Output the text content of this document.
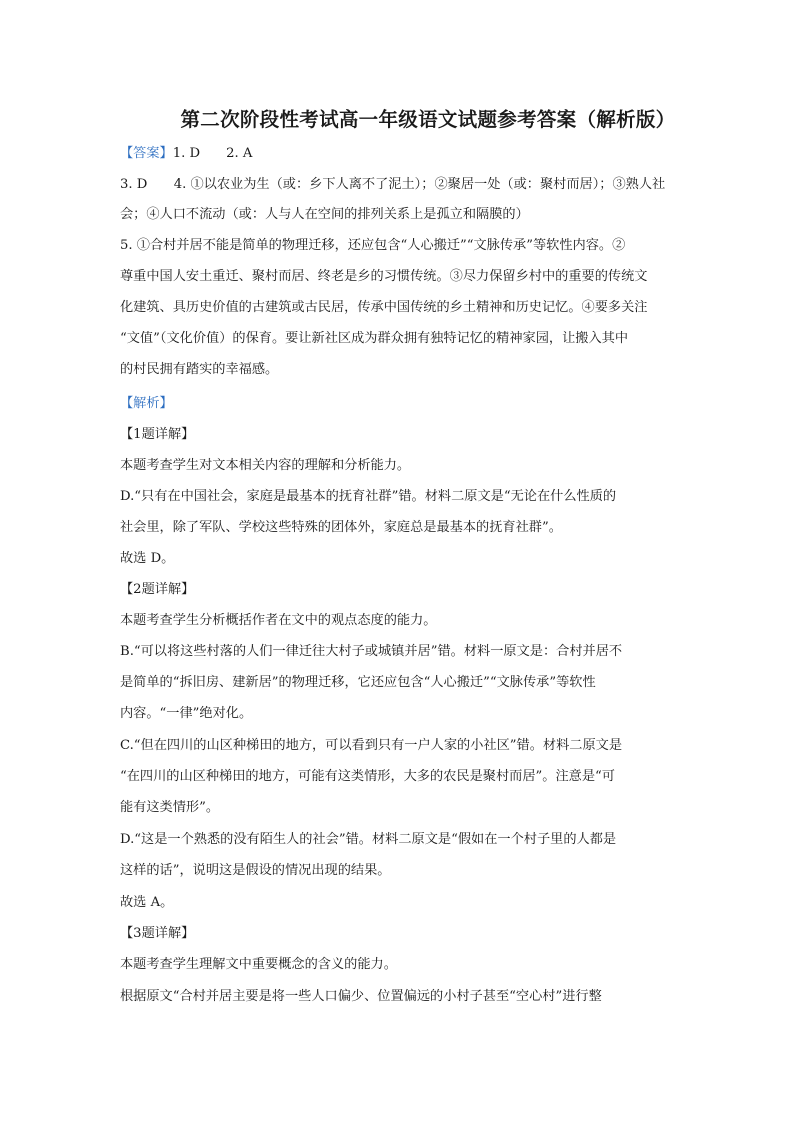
第二次阶段性考试高一年级语文试题参考答案（解析版）
【答案】1. D 2. A
3. D　　4. ①以农业为生（或：乡下人离不了泥土）；②聚居一处（或：聚村而居）；③熟人社
会；④人口不流动（或：人与人在空间的排列关系上是孤立和隔膜的）
5. ①合村并居不能是简单的物理迁移，还应包含“人心搬迁”“文脉传承”等软性内容。②
尊重中国人安土重迁、聚村而居、终老是乡的习惯传统。③尽力保留乡村中的重要的传统文
化建筑、具历史价值的古建筑或古民居，传承中国传统的乡土精神和历史记忆。④要多关注
“文值”（文化价值）的保育。要让新社区成为群众拥有独特记忆的精神家园，让搬入其中
的村民拥有踏实的幸福感。
【解析】
【1题详解】
本题考查学生对文本相关内容的理解和分析能力。
D.“只有在中国社会，家庭是最基本的抚育社群”错。材料二原文是“无论在什么性质的
社会里，除了军队、学校这些特殊的团体外，家庭总是最基本的抚育社群”。
故选 D。
【2题详解】
本题考查学生分析概括作者在文中的观点态度的能力。
B.“可以将这些村落的人们一律迁往大村子或城镇并居”错。材料一原文是：合村并居不
是简单的“拆旧房、建新居”的物理迁移，它还应包含“人心搬迁”“文脉传承”等软性
内容。“一律”绝对化。
C.“但在四川的山区种梯田的地方，可以看到只有一户人家的小社区”错。材料二原文是
“在四川的山区种梯田的地方，可能有这类情形，大多的农民是聚村而居”。注意是“可
能有这类情形”。
D.“这是一个熟悉的没有陌生人的社会”错。材料二原文是“假如在一个村子里的人都是
这样的话”，说明这是假设的情况出现的结果。
故选 A。
【3题详解】
本题考查学生理解文中重要概念的含义的能力。
根据原文“合村并居主要是将一些人口偏少、位置偏远的小村子甚至“空心村”进行整
